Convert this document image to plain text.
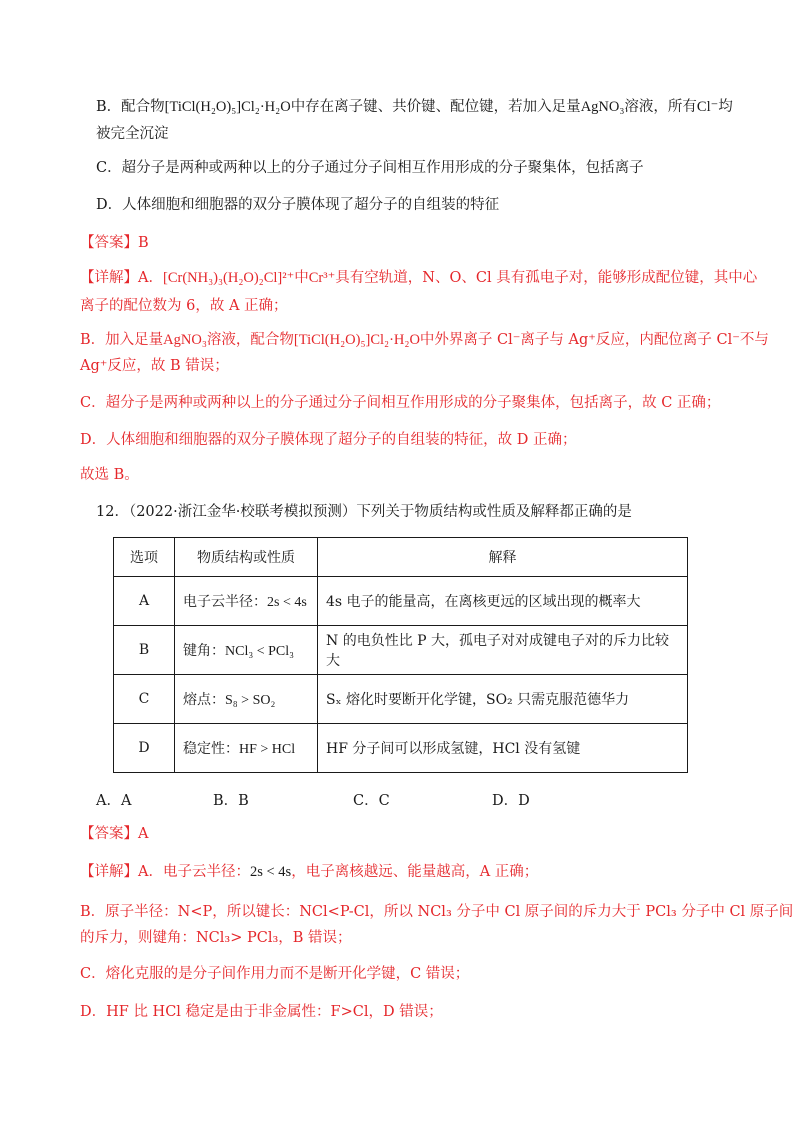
B．配合物[TiCl(H₂O)₅]Cl₂·H₂O中存在离子键、共价键、配位键，若加入足量AgNO₃溶液，所有Cl⁻均
被完全沉淀
C．超分子是两种或两种以上的分子通过分子间相互作用形成的分子聚集体，包括离子
D．人体细胞和细胞器的双分子膜体现了超分子的自组装的特征
【答案】B
【详解】A．[Cr(NH₃)₃(H₂O)₂Cl]²⁺中Cr³⁺具有空轨道，N、O、Cl 具有孤电子对，能够形成配位键，其中心
离子的配位数为 6，故 A 正确；
B．加入足量AgNO₃溶液，配合物[TiCl(H₂O)₅]Cl₂·H₂O中外界离子 Cl⁻离子与 Ag⁺反应，内配位离子 Cl⁻不与
Ag⁺反应，故 B 错误；
C．超分子是两种或两种以上的分子通过分子间相互作用形成的分子聚集体，包括离子，故 C 正确；
D．人体细胞和细胞器的双分子膜体现了超分子的自组装的特征，故 D 正确；
故选 B。
12．（2022·浙江金华·校联考模拟预测）下列关于物质结构或性质及解释都正确的是
选项	物质结构或性质	解释
A	电子云半径：2s < 4s	4s 电子的能量高，在离核更远的区域出现的概率大
B	键角：NCl₃ < PCl₃	N 的电负性比 P 大，孤电子对对成键电子对的斥力比较大
C	熔点：S₈ > SO₂	Sₓ 熔化时要断开化学键，SO₂ 只需克服范德华力
D	稳定性：HF > HCl	HF 分子间可以形成氢键，HCl 没有氢键
A．A	B．B	C．C	D．D
【答案】A
【详解】A．电子云半径：2s < 4s，电子离核越远、能量越高，A 正确；
B．原子半径：N<P，所以键长：NCl<P-Cl，所以 NCl₃ 分子中 Cl 原子间的斥力大于 PCl₃ 分子中 Cl 原子间
的斥力，则键角：NCl₃> PCl₃，B 错误；
C．熔化克服的是分子间作用力而不是断开化学键，C 错误；
D．HF 比 HCl 稳定是由于非金属性：F>Cl，D 错误；
